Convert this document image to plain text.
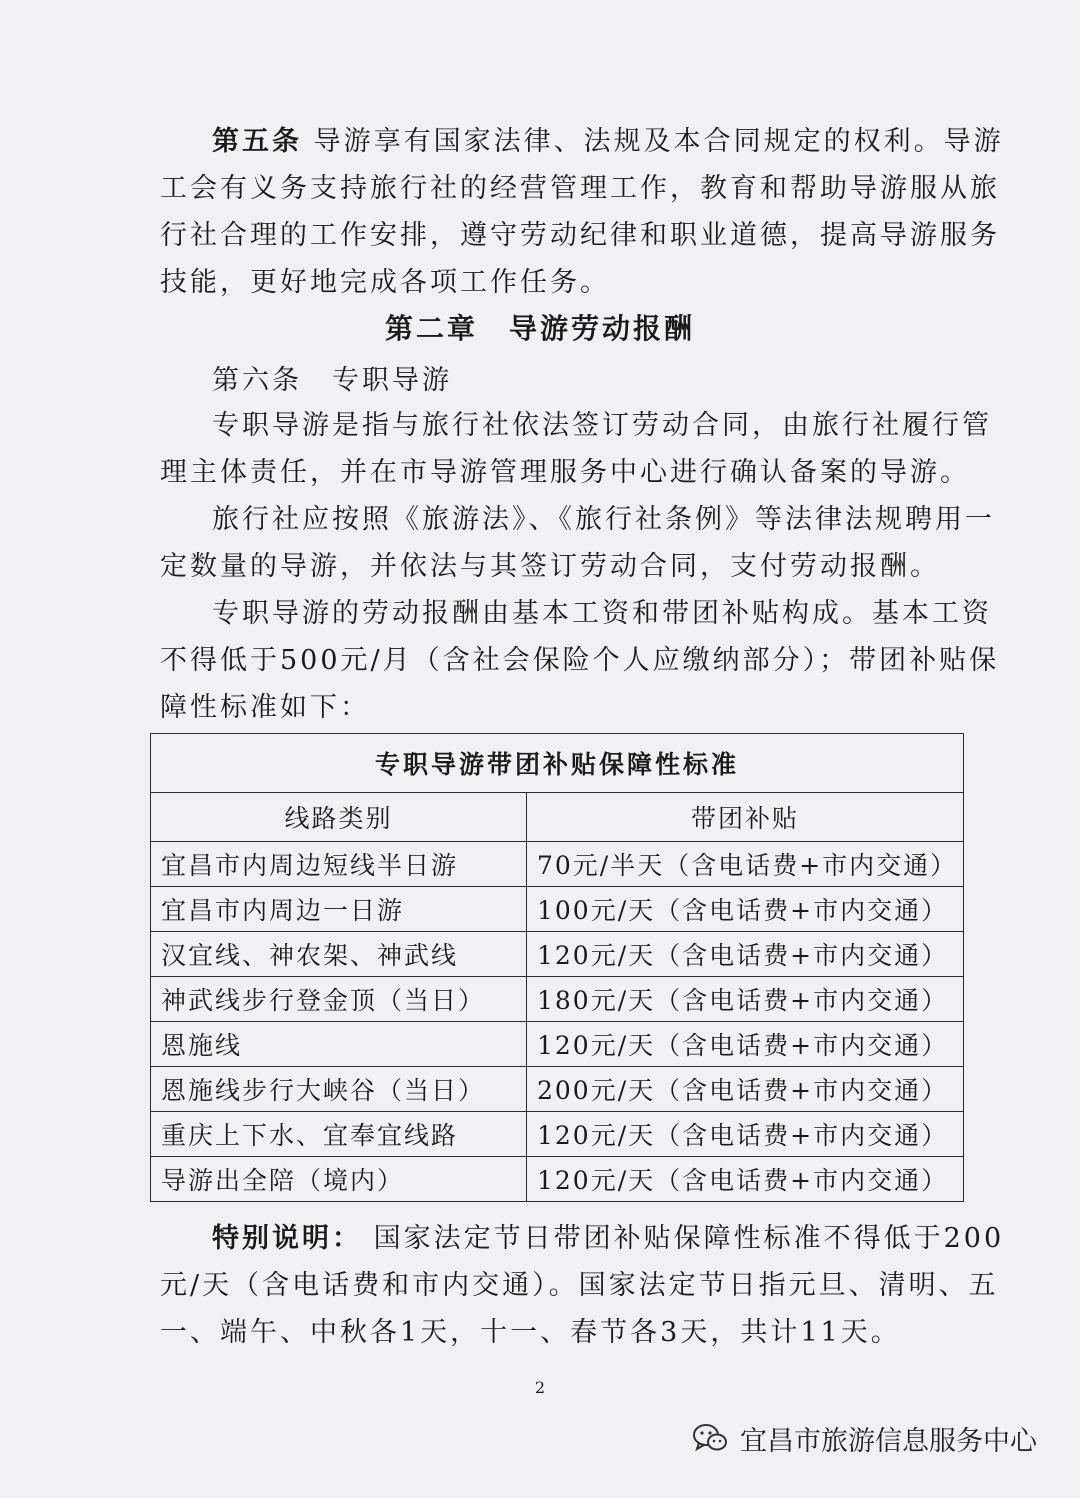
第五条 导游享有国家法律、法规及本合同规定的权利。导游
工会有义务支持旅行社的经营管理工作，教育和帮助导游服从旅
行社合理的工作安排，遵守劳动纪律和职业道德，提高导游服务
技能，更好地完成各项工作任务。
第二章　导游劳动报酬
第六条　专职导游
专职导游是指与旅行社依法签订劳动合同，由旅行社履行管
理主体责任，并在市导游管理服务中心进行确认备案的导游。
旅行社应按照《旅游法》、《旅行社条例》等法律法规聘用一
定数量的导游，并依法与其签订劳动合同，支付劳动报酬。
专职导游的劳动报酬由基本工资和带团补贴构成。基本工资
不得低于500元/月（含社会保险个人应缴纳部分）；带团补贴保
障性标准如下：
专职导游带团补贴保障性标准	
线路类别	带团补贴
宜昌市内周边短线半日游	70元/半天（含电话费+市内交通）
宜昌市内周边一日游	100元/天（含电话费+市内交通）
汉宜线、神农架、神武线	120元/天（含电话费+市内交通）
神武线步行登金顶（当日）	180元/天（含电话费+市内交通）
恩施线	120元/天（含电话费+市内交通）
恩施线步行大峡谷（当日）	200元/天（含电话费+市内交通）
重庆上下水、宜奉宜线路	120元/天（含电话费+市内交通）
导游出全陪（境内）	120元/天（含电话费+市内交通）
特别说明： 国家法定节日带团补贴保障性标准不得低于200
元/天（含电话费和市内交通）。国家法定节日指元旦、清明、五
一、端午、中秋各1天，十一、春节各3天，共计11天。
2
宜昌市旅游信息服务中心
